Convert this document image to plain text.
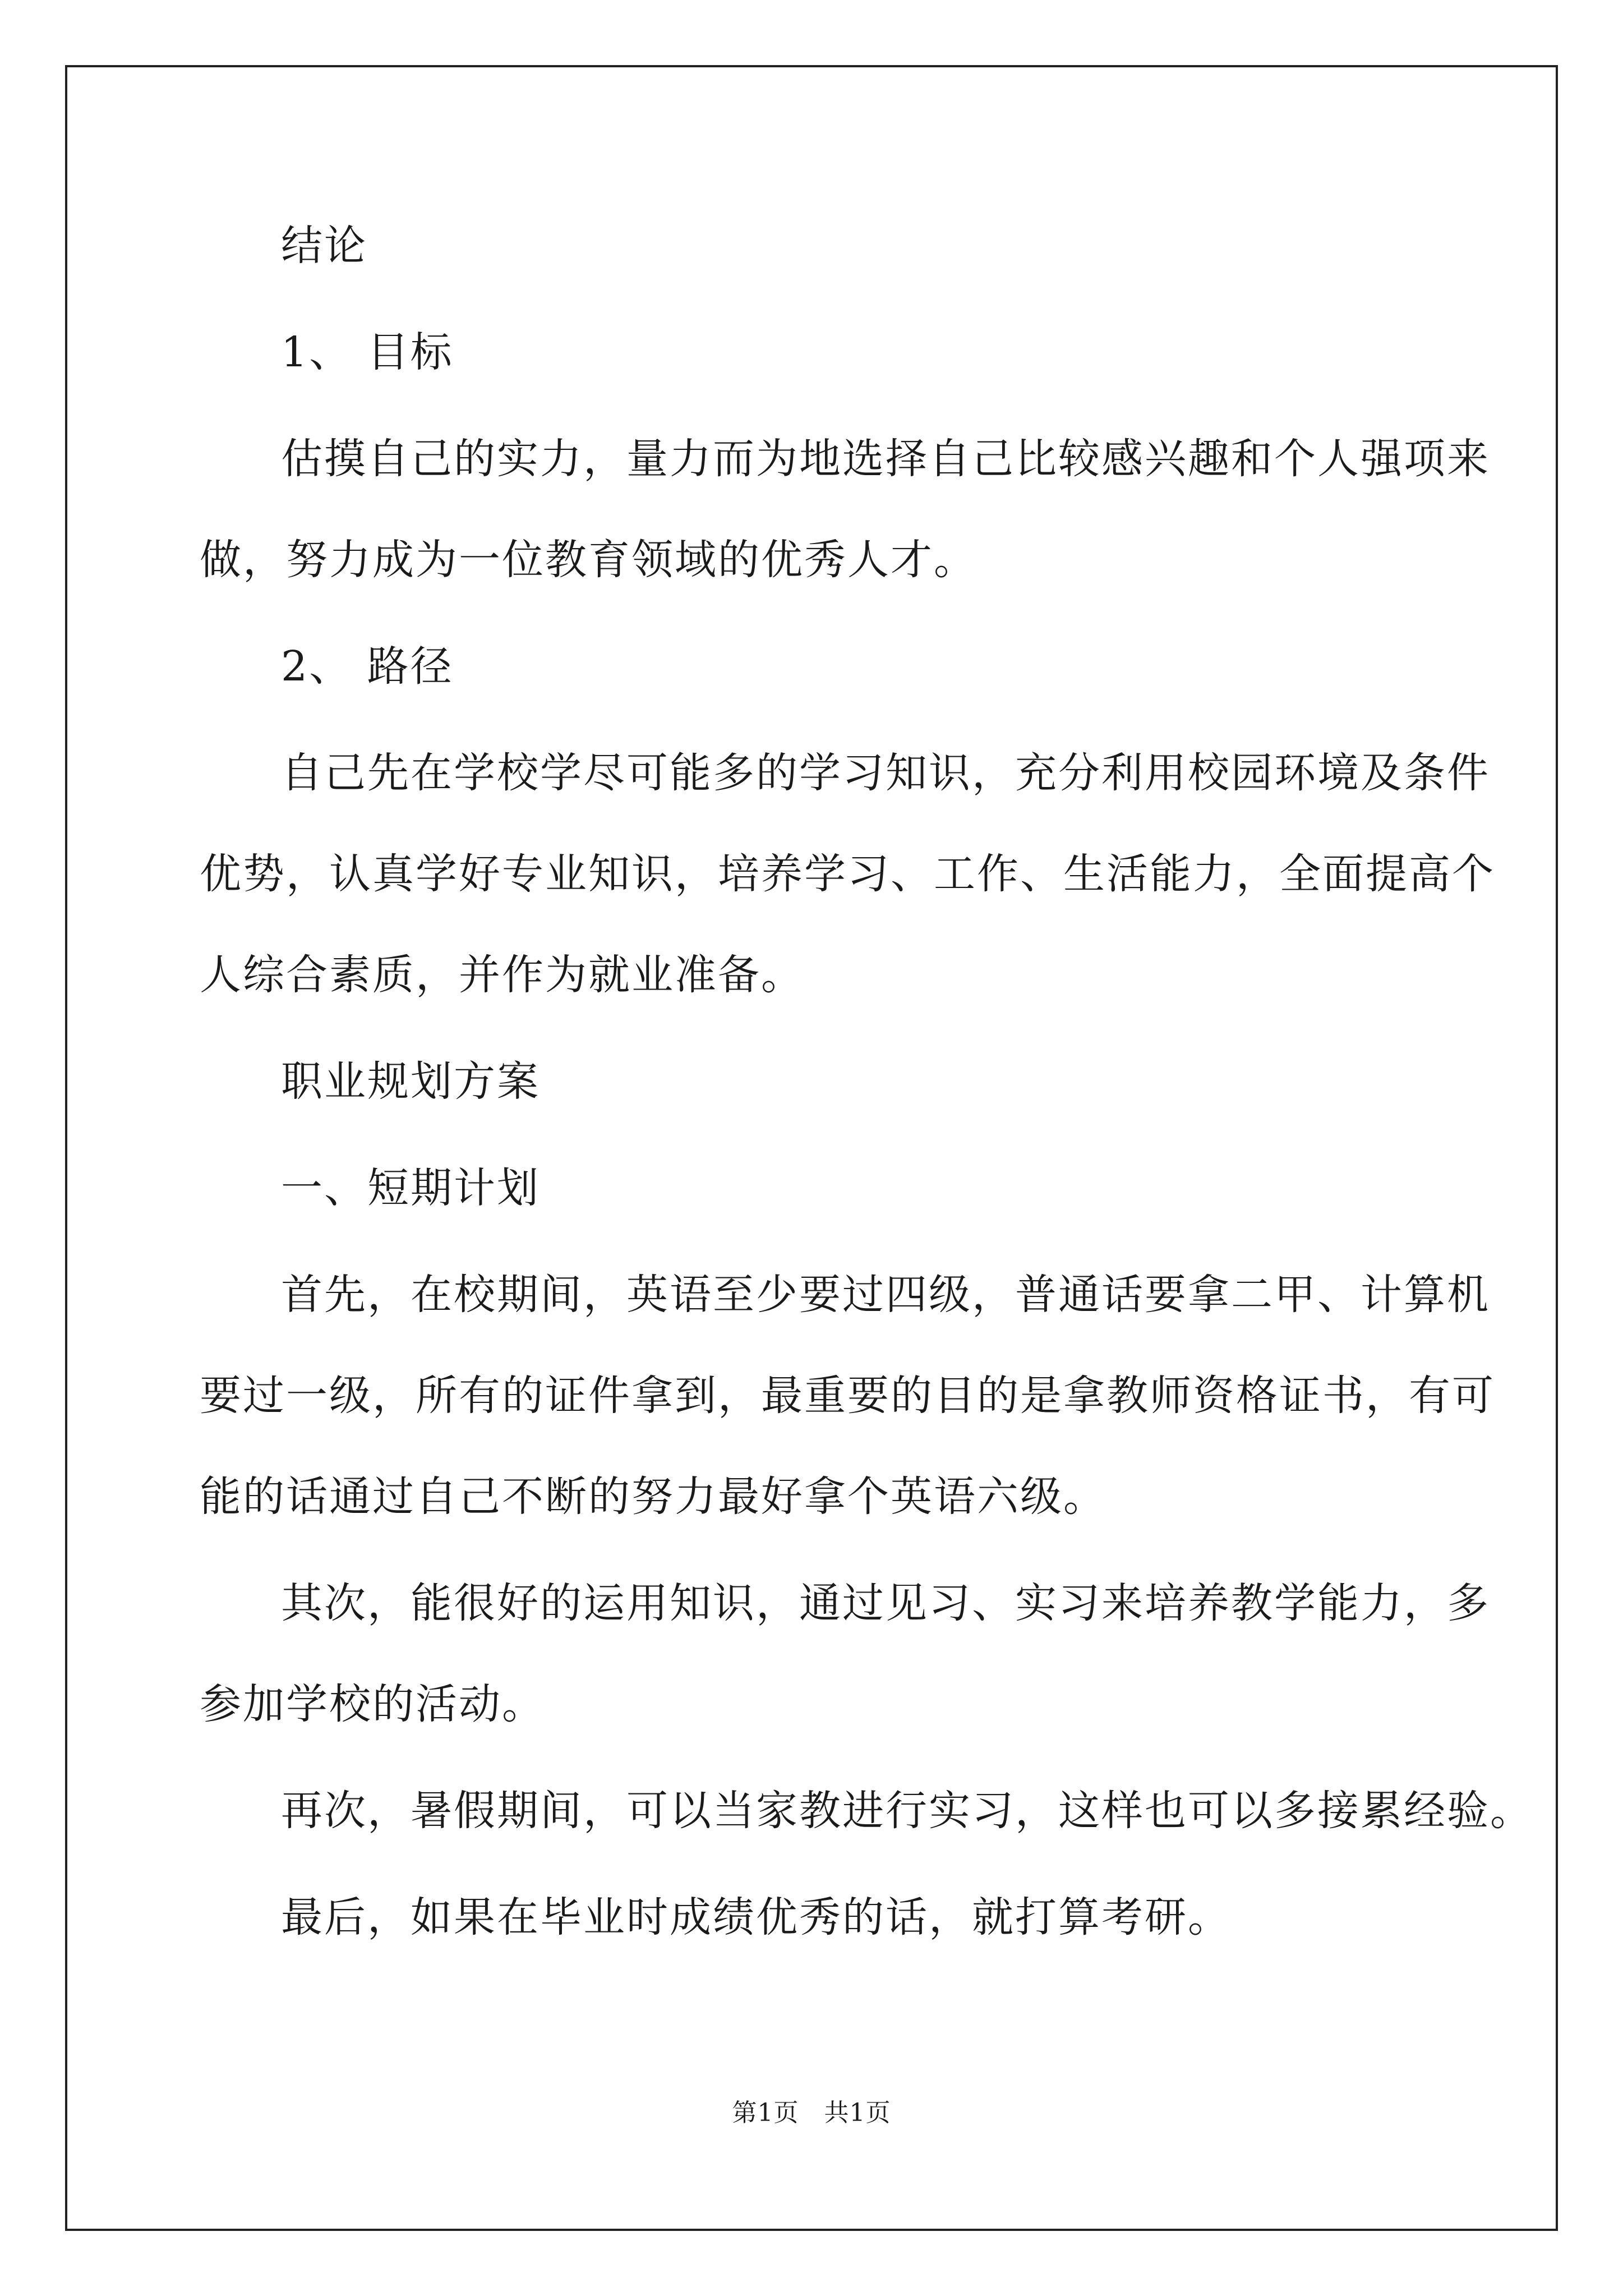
结论
1、 目标
估摸自己的实力，量力而为地选择自己比较感兴趣和个人强项来
做，努力成为一位教育领域的优秀人才。
2、 路径
自己先在学校学尽可能多的学习知识，充分利用校园环境及条件
优势，认真学好专业知识，培养学习、工作、生活能力，全面提高个
人综合素质，并作为就业准备。
职业规划方案
一、短期计划
首先，在校期间，英语至少要过四级，普通话要拿二甲、计算机
要过一级，所有的证件拿到，最重要的目的是拿教师资格证书，有可
能的话通过自己不断的努力最好拿个英语六级。
其次，能很好的运用知识，通过见习、实习来培养教学能力，多
参加学校的活动。
再次，暑假期间，可以当家教进行实习，这样也可以多接累经验。
最后，如果在毕业时成绩优秀的话，就打算考研。
第1页　共1页
